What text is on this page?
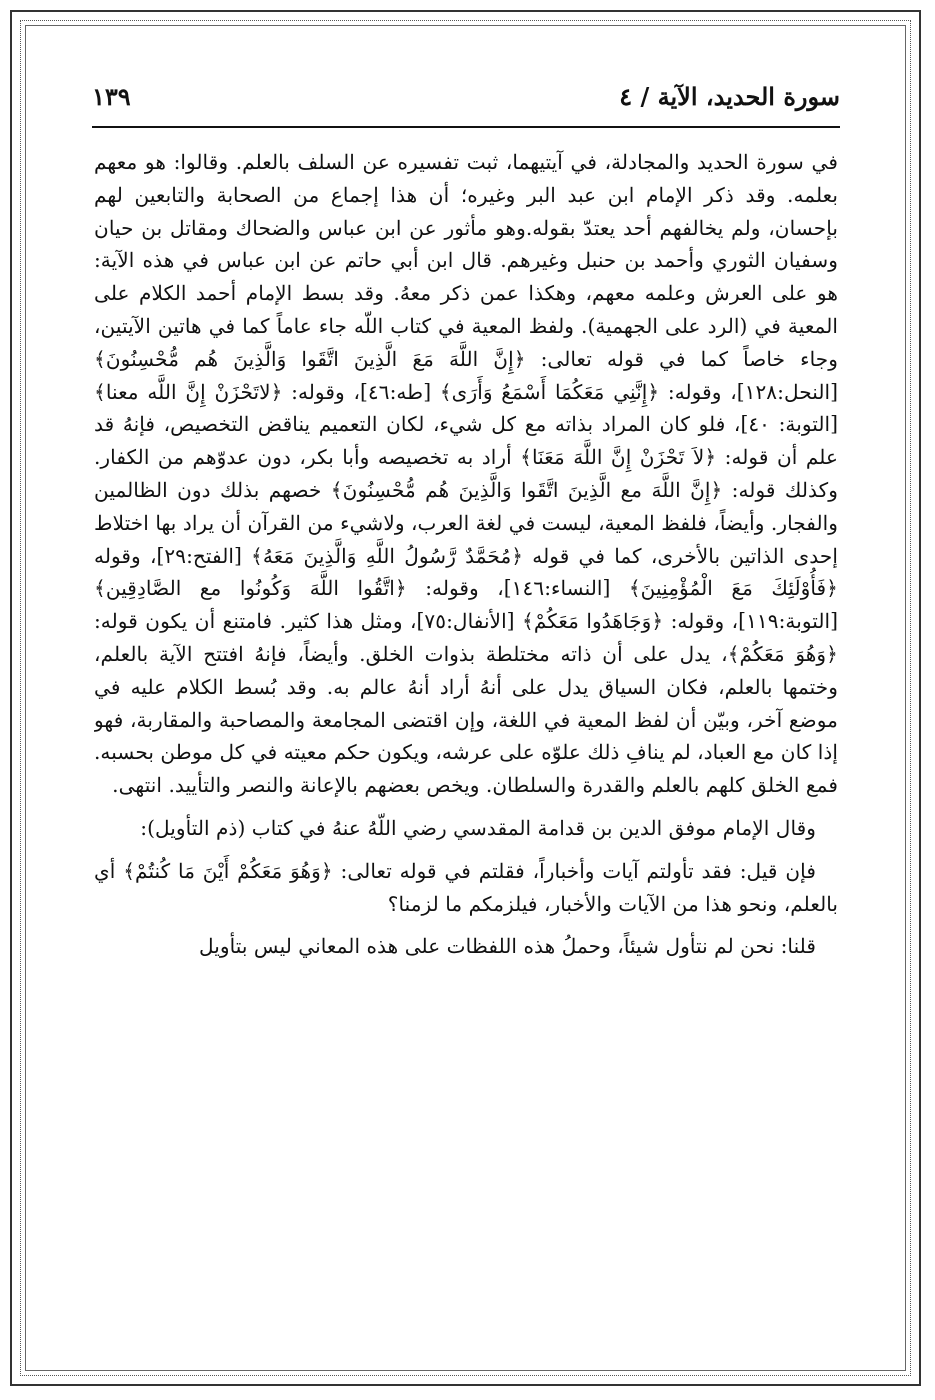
سورة الحديد، الآية / ٤
١٣٩

في سورة الحديد والمجادلة، في آيتيهما، ثبت تفسيره عن السلف بالعلم. وقالوا: هو معهم بعلمه. وقد ذكر الإمام ابن عبد البر وغيره؛ أن هذا إجماع من الصحابة والتابعين لهم بإحسان، ولم يخالفهم أحد يعتدّ بقوله.وهو مأثور عن ابن عباس والضحاك ومقاتل بن حيان وسفيان الثوري وأحمد بن حنبل وغيرهم. قال ابن أبي حاتم عن ابن عباس في هذه الآية: هو على العرش وعلمه معهم، وهكذا عمن ذكر معهُ. وقد بسط الإمام أحمد الكلام على المعية في (الرد على الجهمية). ولفظ المعية في كتاب اللّه جاء عاماً كما في هاتين الآيتين، وجاء خاصاً كما في قوله تعالى: ﴿إِنَّ اللَّهَ مَعَ الَّذِينَ اتَّقَوا وَالَّذِينَ هُم مُّحْسِنُونَ﴾ [النحل:١٢٨]، وقوله: ﴿إِنَّنِي مَعَكُمَا أَسْمَعُ وَأَرَى﴾ [طه:٤٦]، وقوله: ﴿لاتَحْزَنْ إِنَّ اللَّه معنا﴾ [التوبة: ٤٠]، فلو كان المراد بذاته مع كل شيء، لكان التعميم يناقض التخصيص، فإنهُ قد علم أن قوله: ﴿لاَ تَحْزَنْ إِنَّ اللَّهَ مَعَنَا﴾ أراد به تخصيصه وأبا بكر، دون عدوّهم من الكفار. وكذلك قوله: ﴿إِنَّ اللَّهَ مع الَّذِينَ اتَّقَوا وَالَّذِينَ هُم مُّحْسِنُونَ﴾ خصهم بذلك دون الظالمين والفجار. وأيضاً، فلفظ المعية، ليست في لغة العرب، ولاشيء من القرآن أن يراد بها اختلاط إحدى الذاتين بالأخرى، كما في قوله ﴿مُحَمَّدٌ رَّسُولُ اللَّهِ وَالَّذِينَ مَعَهُ﴾ [الفتح:٢٩]، وقوله ﴿فَأُوْلَئِكَ مَعَ الْمُؤْمِنِينَ﴾ [النساء:١٤٦]، وقوله: ﴿اتَّقُوا اللَّهَ وَكُونُوا مع الصَّادِقِين﴾ [التوبة:١١٩]، وقوله: ﴿وَجَاهَدُوا مَعَكُمْ﴾ [الأنفال:٧٥]، ومثل هذا كثير. فامتنع أن يكون قوله: ﴿وَهُوَ مَعَكُمْ﴾، يدل على أن ذاته مختلطة بذوات الخلق. وأيضاً، فإنهُ افتتح الآية بالعلم، وختمها بالعلم، فكان السياق يدل على أنهُ أراد أنهُ عالم به. وقد بُسط الكلام عليه في موضع آخر، وبيّن أن لفظ المعية في اللغة، وإن اقتضى المجامعة والمصاحبة والمقاربة، فهو إذا كان مع العباد، لم ينافِ ذلك علوّه على عرشه، ويكون حكم معيته في كل موطن بحسبه. فمع الخلق كلهم بالعلم والقدرة والسلطان. ويخص بعضهم بالإعانة والنصر والتأييد. انتهى.

وقال الإمام موفق الدين بن قدامة المقدسي رضي اللّهُ عنهُ في كتاب (ذم التأويل):

فإن قيل: فقد تأولتم آيات وأخباراً، فقلتم في قوله تعالى: ﴿وَهُوَ مَعَكُمْ أَيْنَ مَا كُنتُمْ﴾ أي بالعلم، ونحو هذا من الآيات والأخبار، فيلزمكم ما لزمنا؟

قلنا: نحن لم نتأول شيئاً، وحملُ هذه اللفظات على هذه المعاني ليس بتأويل
